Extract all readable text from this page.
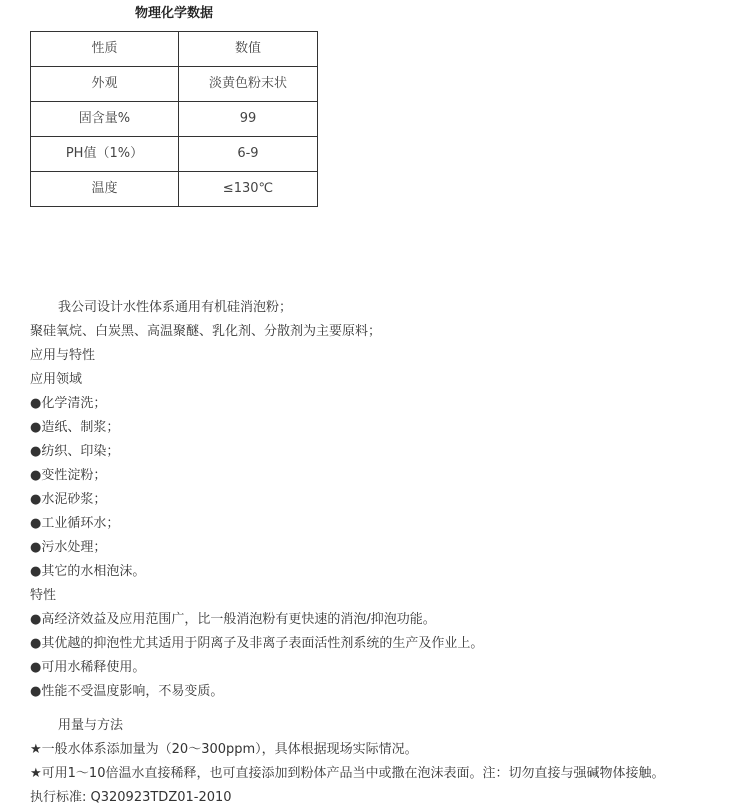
物理化学数据
性质	数值
外观	淡黄色粉末状
固含量%	99
PH值（1%）	6-9
温度	≤130℃
我公司设计水性体系通用有机硅消泡粉；
聚硅氧烷、白炭黑、高温聚醚、乳化剂、分散剂为主要原料；
应用与特性
应用领域
●化学清洗；
●造纸、制浆；
●纺织、印染；
●变性淀粉；
●水泥砂浆；
●工业循环水；
●污水处理；
●其它的水相泡沫。
特性
●高经济效益及应用范围广，比一般消泡粉有更快速的消泡/抑泡功能。
●其优越的抑泡性尤其适用于阴离子及非离子表面活性剂系统的生产及作业上。
●可用水稀释使用。
●性能不受温度影响，不易变质。
用量与方法
★一般水体系添加量为（20～300ppm），具体根据现场实际情况。
★可用1～10倍温水直接稀释，也可直接添加到粉体产品当中或撒在泡沫表面。注：切勿直接与强碱物体接触。
执行标准: Q320923TDZ01-2010
